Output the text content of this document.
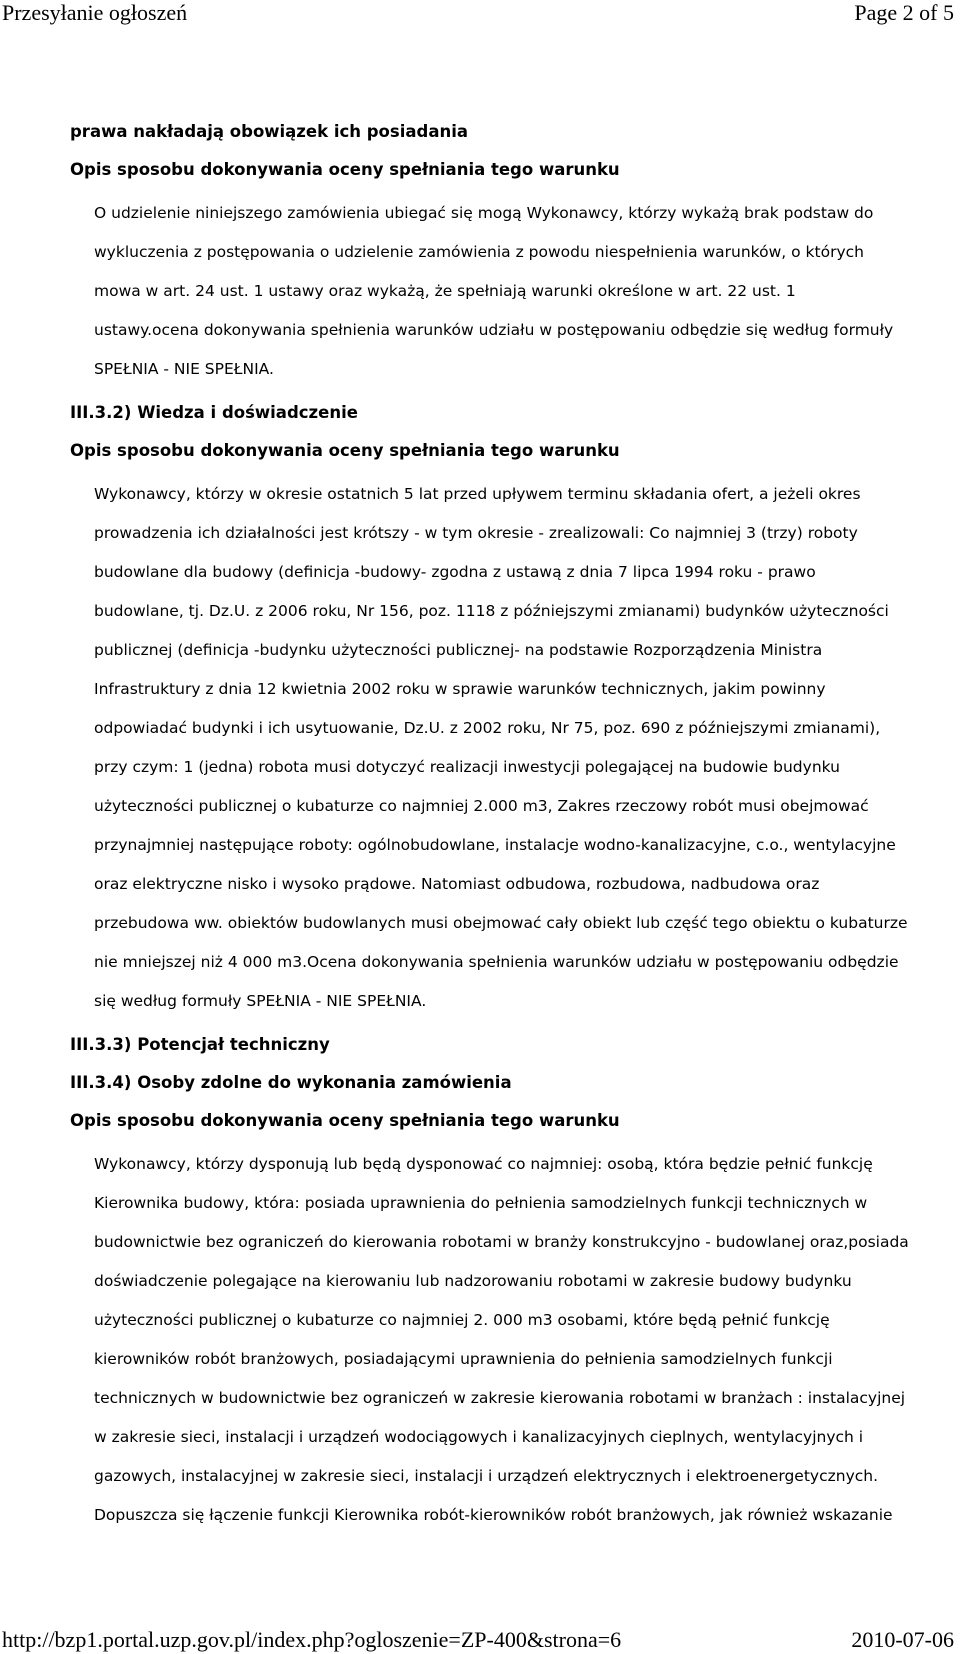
Przesyłanie ogłoszeń	Page 2 of 5

prawa nakładają obowiązek ich posiadania

Opis sposobu dokonywania oceny spełniania tego warunku

O udzielenie niniejszego zamówienia ubiegać się mogą Wykonawcy, którzy wykażą brak podstaw do
wykluczenia z postępowania o udzielenie zamówienia z powodu niespełnienia warunków, o których
mowa w art. 24 ust. 1 ustawy oraz wykażą, że spełniają warunki określone w art. 22 ust. 1
ustawy.ocena dokonywania spełnienia warunków udziału w postępowaniu odbędzie się według formuły
SPEŁNIA - NIE SPEŁNIA.

III.3.2) Wiedza i doświadczenie

Opis sposobu dokonywania oceny spełniania tego warunku

Wykonawcy, którzy w okresie ostatnich 5 lat przed upływem terminu składania ofert, a jeżeli okres
prowadzenia ich działalności jest krótszy - w tym okresie - zrealizowali: Co najmniej 3 (trzy) roboty
budowlane dla budowy (definicja -budowy- zgodna z ustawą z dnia 7 lipca 1994 roku - prawo
budowlane, tj. Dz.U. z 2006 roku, Nr 156, poz. 1118 z późniejszymi zmianami) budynków użyteczności
publicznej (definicja -budynku użyteczności publicznej- na podstawie Rozporządzenia Ministra
Infrastruktury z dnia 12 kwietnia 2002 roku w sprawie warunków technicznych, jakim powinny
odpowiadać budynki i ich usytuowanie, Dz.U. z 2002 roku, Nr 75, poz. 690 z późniejszymi zmianami),
przy czym: 1 (jedna) robota musi dotyczyć realizacji inwestycji polegającej na budowie budynku
użyteczności publicznej o kubaturze co najmniej 2.000 m3, Zakres rzeczowy robót musi obejmować
przynajmniej następujące roboty: ogólnobudowlane, instalacje wodno-kanalizacyjne, c.o., wentylacyjne
oraz elektryczne nisko i wysoko prądowe. Natomiast odbudowa, rozbudowa, nadbudowa oraz
przebudowa ww. obiektów budowlanych musi obejmować cały obiekt lub część tego obiektu o kubaturze
nie mniejszej niż 4 000 m3.Ocena dokonywania spełnienia warunków udziału w postępowaniu odbędzie
się według formuły SPEŁNIA - NIE SPEŁNIA.

III.3.3) Potencjał techniczny

III.3.4) Osoby zdolne do wykonania zamówienia

Opis sposobu dokonywania oceny spełniania tego warunku

Wykonawcy, którzy dysponują lub będą dysponować co najmniej: osobą, która będzie pełnić funkcję
Kierownika budowy, która: posiada uprawnienia do pełnienia samodzielnych funkcji technicznych w
budownictwie bez ograniczeń do kierowania robotami w branży konstrukcyjno - budowlanej oraz,posiada
doświadczenie polegające na kierowaniu lub nadzorowaniu robotami w zakresie budowy budynku
użyteczności publicznej o kubaturze co najmniej 2. 000 m3 osobami, które będą pełnić funkcję
kierowników robót branżowych, posiadającymi uprawnienia do pełnienia samodzielnych funkcji
technicznych w budownictwie bez ograniczeń w zakresie kierowania robotami w branżach : instalacyjnej
w zakresie sieci, instalacji i urządzeń wodociągowych i kanalizacyjnych cieplnych, wentylacyjnych i
gazowych, instalacyjnej w zakresie sieci, instalacji i urządzeń elektrycznych i elektroenergetycznych.
Dopuszcza się łączenie funkcji Kierownika robót-kierowników robót branżowych, jak również wskazanie
http://bzp1.portal.uzp.gov.pl/index.php?ogloszenie=ZP-400&strona=6	2010-07-06
